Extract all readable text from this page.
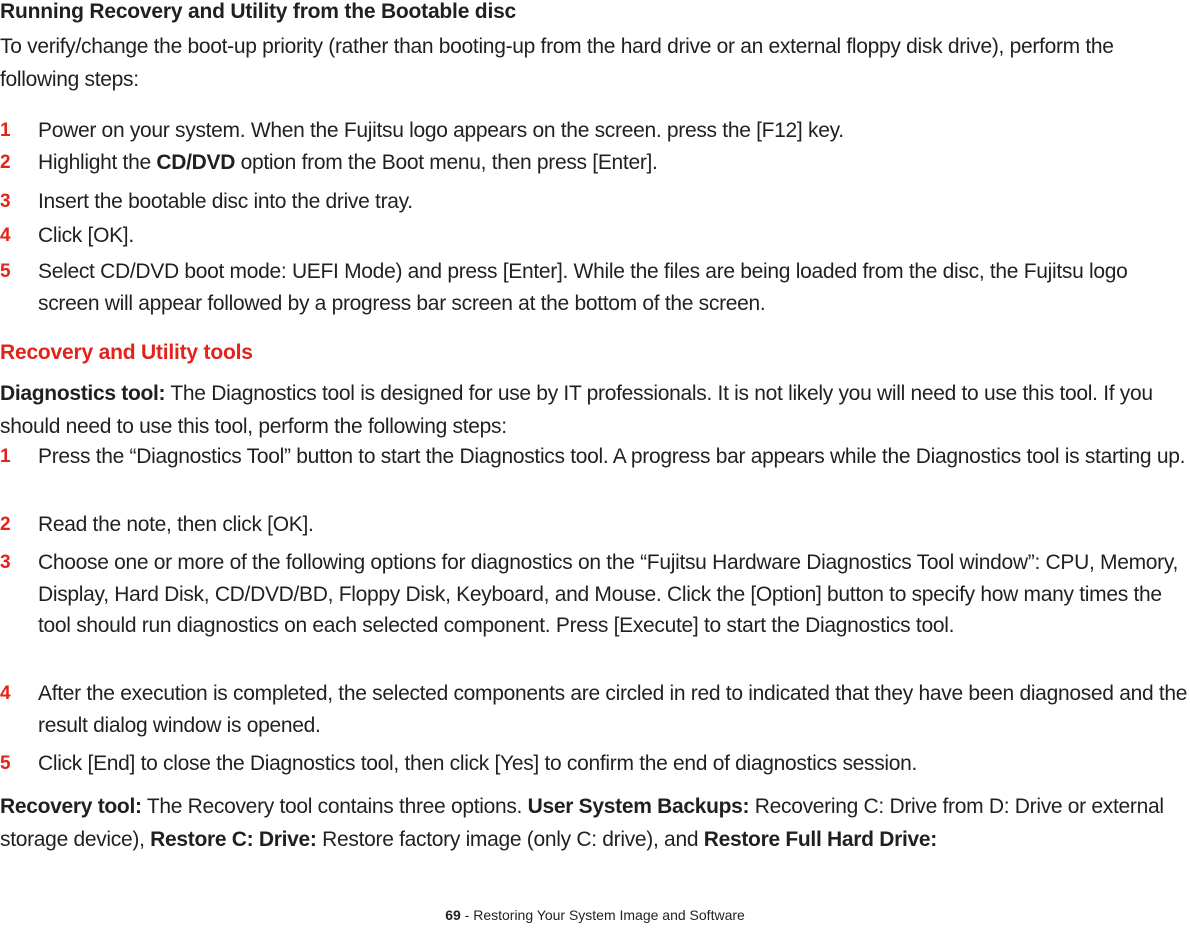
Running Recovery and Utility from the Bootable disc
To verify/change the boot-up priority (rather than booting-up from the hard drive or an external floppy disk drive), perform the following steps:
1 Power on your system. When the Fujitsu logo appears on the screen. press the [F12] key.
2 Highlight the CD/DVD option from the Boot menu, then press [Enter].
3 Insert the bootable disc into the drive tray.
4 Click [OK].
5 Select CD/DVD boot mode: UEFI Mode) and press [Enter]. While the files are being loaded from the disc, the Fujitsu logo screen will appear followed by a progress bar screen at the bottom of the screen.
Recovery and Utility tools
Diagnostics tool: The Diagnostics tool is designed for use by IT professionals. It is not likely you will need to use this tool. If you should need to use this tool, perform the following steps:
1 Press the “Diagnostics Tool” button to start the Diagnostics tool. A progress bar appears while the Diagnostics tool is starting up.
2 Read the note, then click [OK].
3 Choose one or more of the following options for diagnostics on the “Fujitsu Hardware Diagnostics Tool window”: CPU, Memory, Display, Hard Disk, CD/DVD/BD, Floppy Disk, Keyboard, and Mouse. Click the [Option] button to specify how many times the tool should run diagnostics on each selected component. Press [Execute] to start the Diagnostics tool.
4 After the execution is completed, the selected components are circled in red to indicated that they have been diagnosed and the result dialog window is opened.
5 Click [End] to close the Diagnostics tool, then click [Yes] to confirm the end of diagnostics session.
Recovery tool: The Recovery tool contains three options. User System Backups: Recovering C: Drive from D: Drive or external storage device), Restore C: Drive: Restore factory image (only C: drive), and Restore Full Hard Drive:
69 - Restoring Your System Image and Software
